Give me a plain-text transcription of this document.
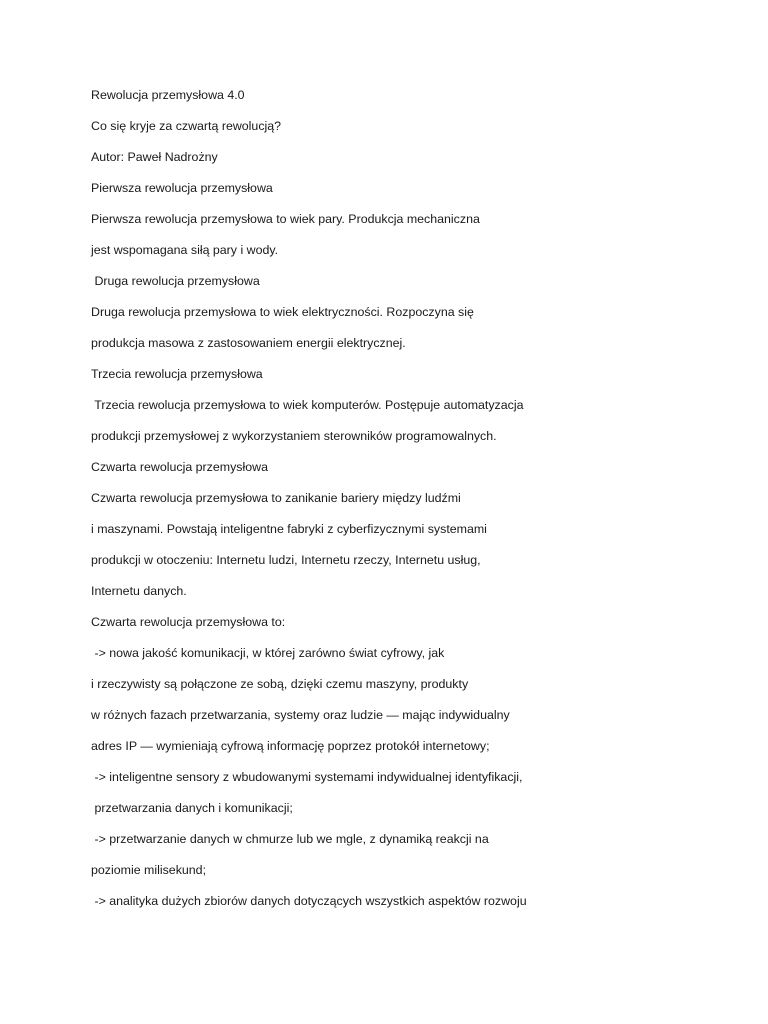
Rewolucja przemysłowa 4.0
Co się kryje za czwartą rewolucją?
Autor: Paweł Nadrożny
Pierwsza rewolucja przemysłowa
Pierwsza rewolucja przemysłowa to wiek pary. Produkcja mechaniczna
jest wspomagana siłą pary i wody.
Druga rewolucja przemysłowa
Druga rewolucja przemysłowa to wiek elektryczności. Rozpoczyna się
produkcja masowa z zastosowaniem energii elektrycznej.
Trzecia rewolucja przemysłowa
Trzecia rewolucja przemysłowa to wiek komputerów. Postępuje automatyzacja
produkcji przemysłowej z wykorzystaniem sterowników programowalnych.
Czwarta rewolucja przemysłowa
Czwarta rewolucja przemysłowa to zanikanie bariery między ludźmi
i maszynami. Powstają inteligentne fabryki z cyberfizycznymi systemami
produkcji w otoczeniu: Internetu ludzi, Internetu rzeczy, Internetu usług,
Internetu danych.
Czwarta rewolucja przemysłowa to:
-> nowa jakość komunikacji, w której zarówno świat cyfrowy, jak
i rzeczywisty są połączone ze sobą, dzięki czemu maszyny, produkty
w różnych fazach przetwarzania, systemy oraz ludzie — mając indywidualny
adres IP — wymieniają cyfrową informację poprzez protokół internetowy;
-> inteligentne sensory z wbudowanymi systemami indywidualnej identyfikacji,
przetwarzania danych i komunikacji;
-> przetwarzanie danych w chmurze lub we mgle, z dynamiką reakcji na
poziomie milisekund;
-> analityka dużych zbiorów danych dotyczących wszystkich aspektów rozwoju
